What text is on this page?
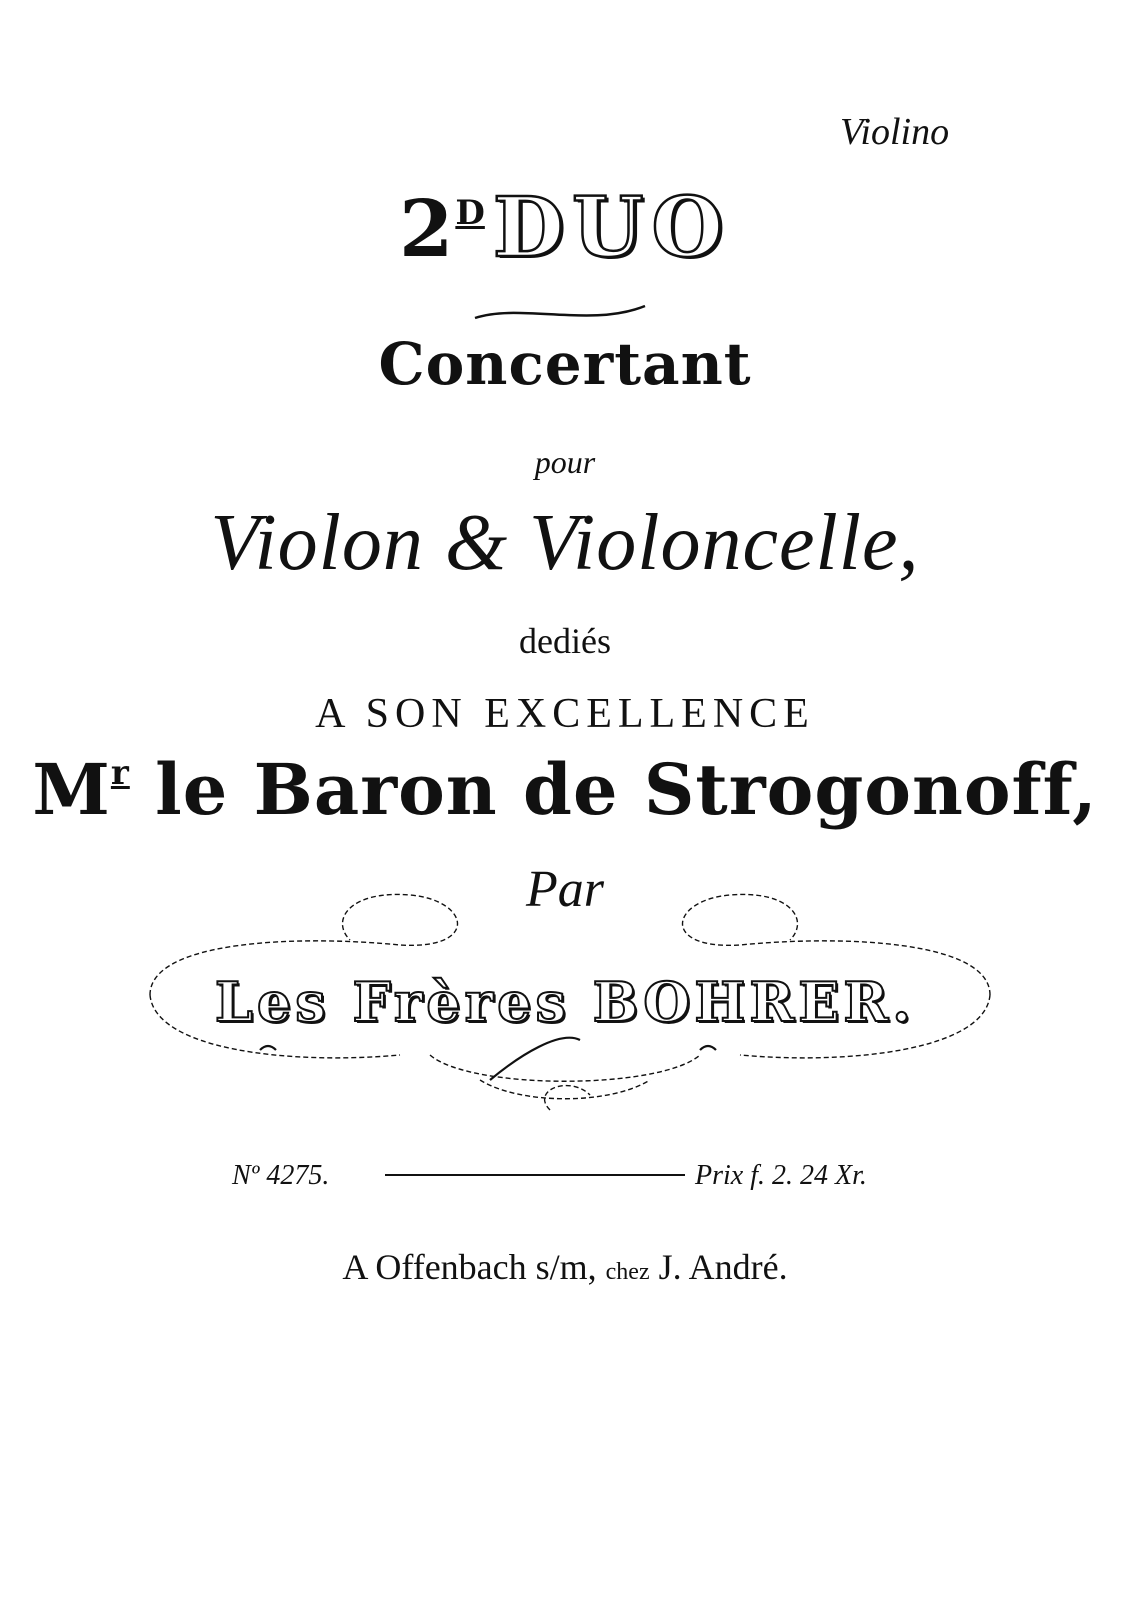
Violino
2DDUO
Concertant
pour
Violon & Violoncelle,
dediés
A SON EXCELLENCE
$M^r$ le Baron de Strogonoff,
Par
Les Frères BOHRER.
Nº 4275.	Prix f. 2. 24 Xr.
A Offenbach s/m, chez J. André.
